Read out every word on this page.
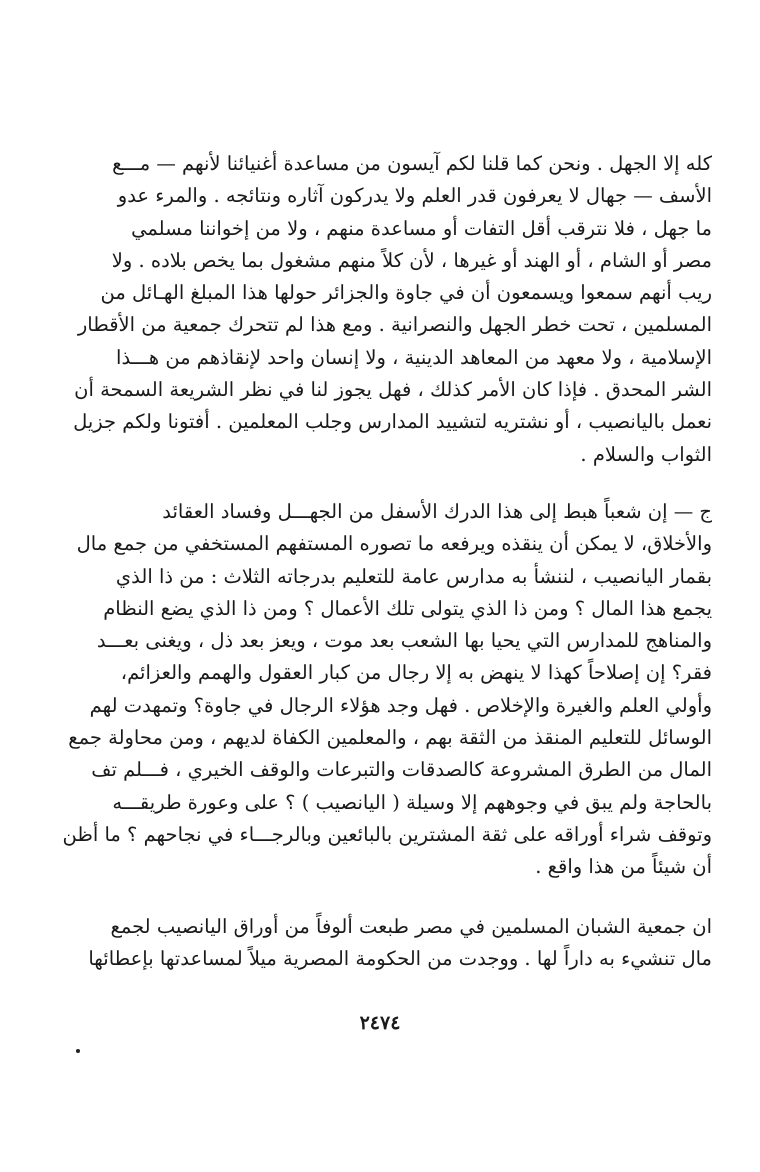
كله إلا الجهل . ونحن كما قلنا لكم آيسون من مساعدة أغنيائنا لأنهم — مـــع
الأسف — جهال لا يعرفون قدر العلم ولا يدركون آثاره ونتائجه . والمرء عدو
ما جهل ، فلا نترقب أقل التفات أو مساعدة منهم ، ولا من إخواننا مسلمي
مصر أو الشام ، أو الهند أو غيرها ، لأن كلاً منهم مشغول بما يخص بلاده . ولا
ريب أنهم سمعوا ويسمعون أن في جاوة والجزائر حولها هذا المبلغ الهـائل من
المسلمين ، تحت خطر الجهل والنصرانية . ومع هذا لم تتحرك جمعية من الأقطار
الإسلامية ، ولا معهد من المعاهد الدينية ، ولا إنسان واحد لإنقاذهم من هـــذا
الشر المحدق . فإذا كان الأمر كذلك ، فهل يجوز لنا في نظر الشريعة السمحة أن
نعمل باليانصيب ، أو نشتريه لتشييد المدارس وجلب المعلمين . أفتونا ولكم جزيل
الثواب والسلام .

ج — إن شعباً هبط إلى هذا الدرك الأسفل من الجهـــل وفساد العقائد
والأخلاق، لا يمكن أن ينقذه ويرفعه ما تصوره المستفهم المستخفي من جمع مال
بقمار اليانصيب ، لننشأ به مدارس عامة للتعليم بدرجاته الثلاث : من ذا الذي
يجمع هذا المال ؟ ومن ذا الذي يتولى تلك الأعمال ؟ ومن ذا الذي يضع النظام
والمناهج للمدارس التي يحيا بها الشعب بعد موت ، ويعز بعد ذل ، ويغنى بعـــد
فقر؟ إن إصلاحاً كهذا لا ينهض به إلا رجال من كبار العقول والهمم والعزائم،
وأولي العلم والغيرة والإخلاص . فهل وجد هؤلاء الرجال في جاوة؟ وتمهدت لهم
الوسائل للتعليم المنقذ من الثقة بهم ، والمعلمين الكفاة لديهم ، ومن محاولة جمع
المال من الطرق المشروعة كالصدقات والتبرعات والوقف الخيري ، فـــلم تف
بالحاجة ولم يبق في وجوههم إلا وسيلة ( اليانصيب ) ؟ على وعورة طريقـــه
وتوقف شراء أوراقه على ثقة المشترين بالبائعين وبالرجـــاء في نجاحهم ؟ ما أظن
أن شيئاً من هذا واقع .

ان جمعية الشبان المسلمين في مصر طبعت ألوفاً من أوراق اليانصيب لجمع
مال تنشيء به داراً لها . ووجدت من الحكومة المصرية ميلاً لمساعدتها بإعطائها

٢٤٧٤
